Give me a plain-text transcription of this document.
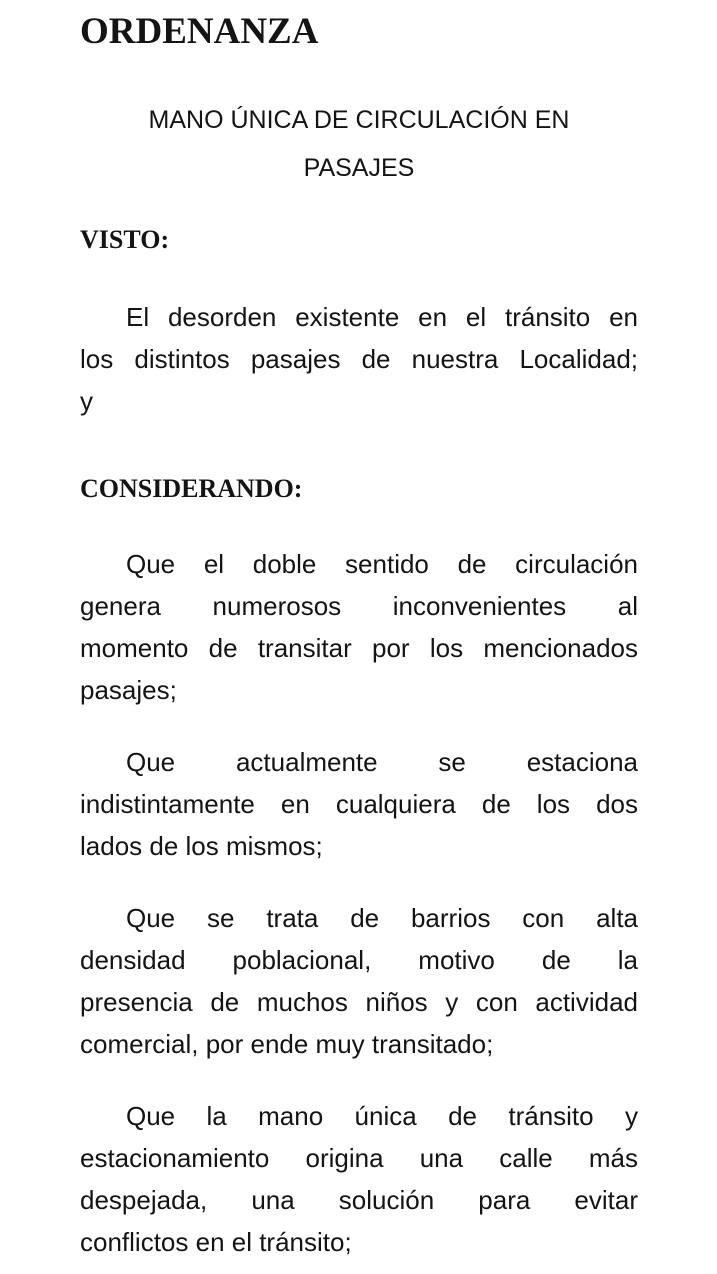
ORDENANZA

MANO ÚNICA DE CIRCULACIÓN EN
PASAJES

VISTO:
El desorden existente en el tránsito en
los distintos pasajes de nuestra Localidad;
y
CONSIDERANDO:
Que el doble sentido de circulación
genera numerosos inconvenientes al
momento de transitar por los mencionados
pasajes;
Que actualmente se estaciona
indistintamente en cualquiera de los dos
lados de los mismos;
Que se trata de barrios con alta
densidad poblacional, motivo de la
presencia de muchos niños y con actividad
comercial, por ende muy transitado;
Que la mano única de tránsito y
estacionamiento origina una calle más
despejada, una solución para evitar
conflictos en el tránsito;
